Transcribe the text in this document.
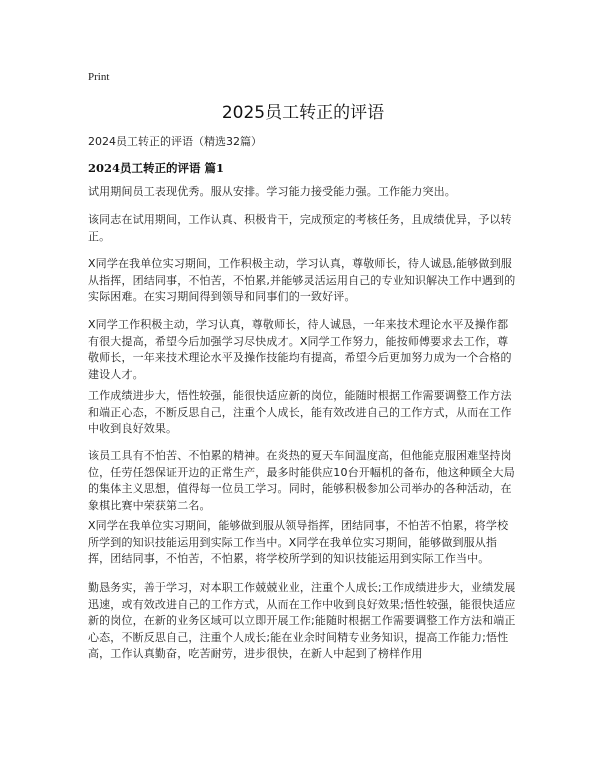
Print
2025员工转正的评语
2024员工转正的评语（精选32篇）
2024员工转正的评语 篇1

试用期间员工表现优秀。服从安排。学习能力接受能力强。工作能力突出。

该同志在试用期间，工作认真、积极肯干，完成预定的考核任务，且成绩优异，予以转正。

X同学在我单位实习期间，工作积极主动，学习认真，尊敬师长，待人诚恳,能够做到服从指挥，团结同事，不怕苦，不怕累,并能够灵活运用自己的专业知识解决工作中遇到的实际困难。在实习期间得到领导和同事们的一致好评。

X同学工作积极主动，学习认真，尊敬师长，待人诚恳，一年来技术理论水平及操作都有很大提高，希望今后加强学习尽快成才。X同学工作努力，能按师傅要求去工作，尊敬师长，一年来技术理论水平及操作技能均有提高，希望今后更加努力成为一个合格的建设人才。

工作成绩进步大，悟性较强，能很快适应新的岗位，能随时根据工作需要调整工作方法和端正心态，不断反思自己，注重个人成长，能有效改进自己的工作方式，从而在工作中收到良好效果。

该员工具有不怕苦、不怕累的精神。在炎热的夏天车间温度高，但他能克服困难坚持岗位，任劳任怨保证开边的正常生产，最多时能供应10台开幅机的备布，他这种顾全大局的集体主义思想，值得每一位员工学习。同时，能够积极参加公司举办的各种活动，在象棋比赛中荣获第二名。

X同学在我单位实习期间，能够做到服从领导指挥，团结同事，不怕苦不怕累，将学校所学到的知识技能运用到实际工作当中。X同学在我单位实习期间，能够做到服从指挥，团结同事，不怕苦，不怕累，将学校所学到的知识技能运用到实际工作当中。

勤恳务实，善于学习，对本职工作兢兢业业，注重个人成长;工作成绩进步大，业绩发展迅速，或有效改进自己的工作方式，从而在工作中收到良好效果;悟性较强，能很快适应新的岗位，在新的业务区域可以立即开展工作;能随时根据工作需要调整工作方法和端正心态，不断反思自己，注重个人成长;能在业余时间精专业务知识，提高工作能力;悟性高，工作认真勤奋，吃苦耐劳，进步很快，在新人中起到了榜样作用
